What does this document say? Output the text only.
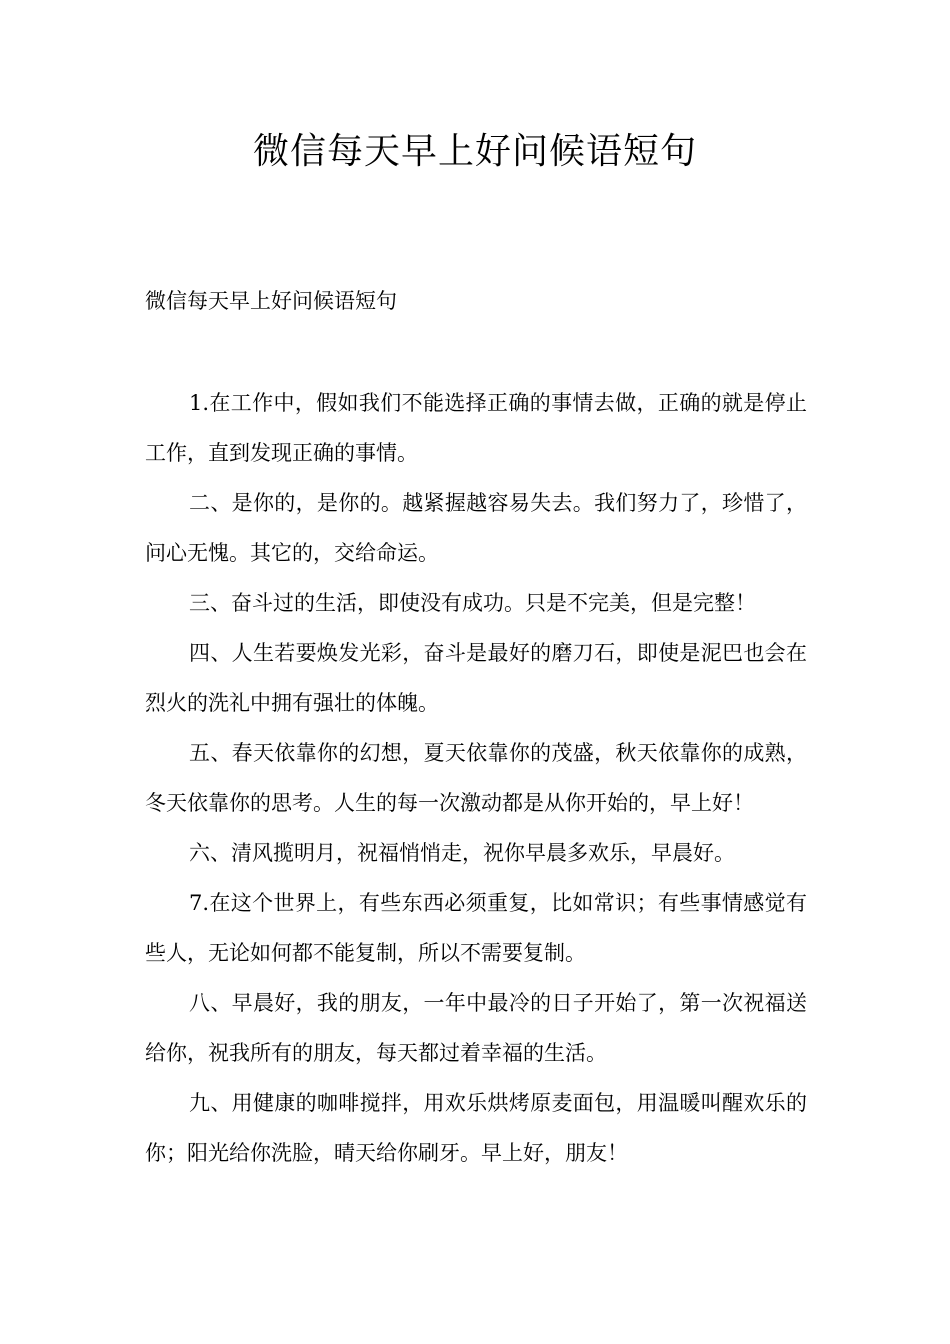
微信每天早上好问候语短句

微信每天早上好问候语短句

1.在工作中，假如我们不能选择正确的事情去做，正确的就是停止工作，直到发现正确的事情。

二、是你的，是你的。越紧握越容易失去。我们努力了，珍惜了，问心无愧。其它的，交给命运。

三、奋斗过的生活，即使没有成功。只是不完美，但是完整！

四、人生若要焕发光彩，奋斗是最好的磨刀石，即使是泥巴也会在烈火的洗礼中拥有强壮的体魄。

五、春天依靠你的幻想，夏天依靠你的茂盛，秋天依靠你的成熟，冬天依靠你的思考。人生的每一次激动都是从你开始的，早上好！

六、清风揽明月，祝福悄悄走，祝你早晨多欢乐，早晨好。

7.在这个世界上，有些东西必须重复，比如常识；有些事情感觉有些人，无论如何都不能复制，所以不需要复制。

八、早晨好，我的朋友，一年中最冷的日子开始了，第一次祝福送给你，祝我所有的朋友，每天都过着幸福的生活。

九、用健康的咖啡搅拌，用欢乐烘烤原麦面包，用温暖叫醒欢乐的你；阳光给你洗脸，晴天给你刷牙。早上好，朋友！
